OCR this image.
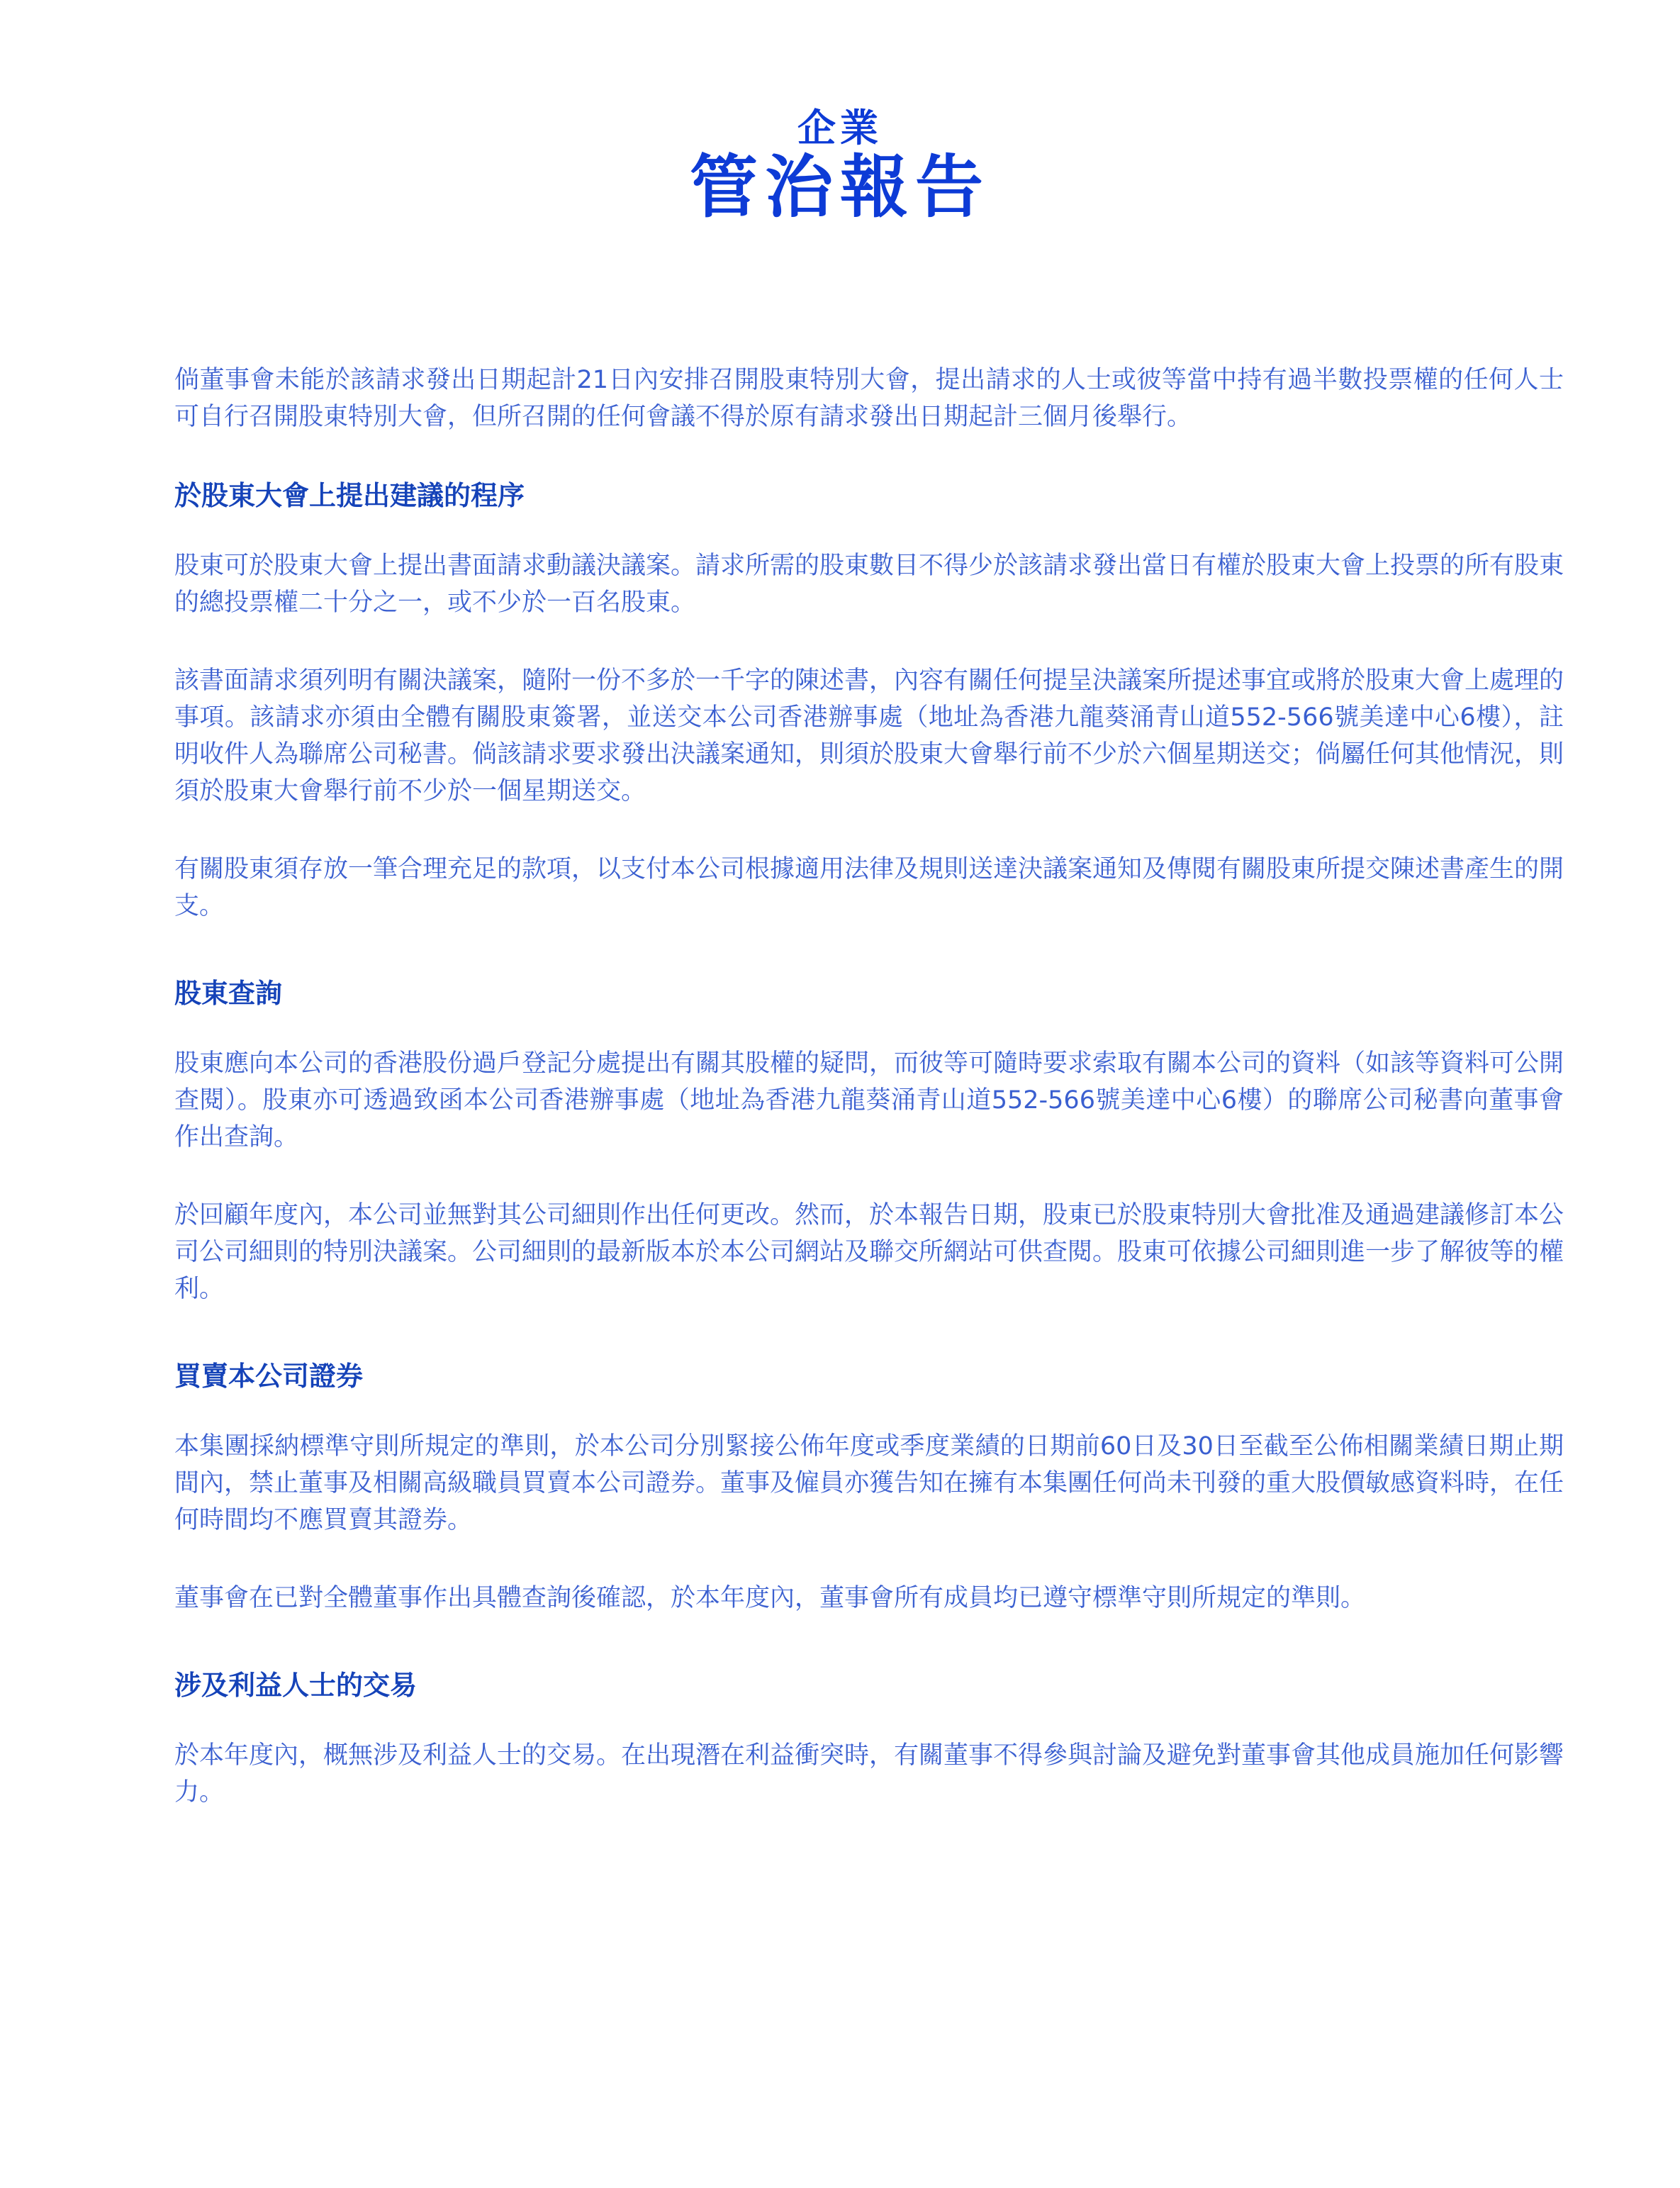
企業
管治報告

倘董事會未能於該請求發出日期起計21日內安排召開股東特別大會，提出請求的人士或彼等當中持有過半數投票權的任何人士可自行召開股東特別大會，但所召開的任何會議不得於原有請求發出日期起計三個月後舉行。

於股東大會上提出建議的程序

股東可於股東大會上提出書面請求動議決議案。請求所需的股東數目不得少於該請求發出當日有權於股東大會上投票的所有股東的總投票權二十分之一，或不少於一百名股東。

該書面請求須列明有關決議案，隨附一份不多於一千字的陳述書，內容有關任何提呈決議案所提述事宜或將於股東大會上處理的事項。該請求亦須由全體有關股東簽署，並送交本公司香港辦事處（地址為香港九龍葵涌青山道552-566號美達中心6樓），註明收件人為聯席公司秘書。倘該請求要求發出決議案通知，則須於股東大會舉行前不少於六個星期送交；倘屬任何其他情況，則須於股東大會舉行前不少於一個星期送交。

有關股東須存放一筆合理充足的款項，以支付本公司根據適用法律及規則送達決議案通知及傳閱有關股東所提交陳述書產生的開支。

股東查詢

股東應向本公司的香港股份過戶登記分處提出有關其股權的疑問，而彼等可隨時要求索取有關本公司的資料（如該等資料可公開查閱）。股東亦可透過致函本公司香港辦事處（地址為香港九龍葵涌青山道552-566號美達中心6樓）的聯席公司秘書向董事會作出查詢。

於回顧年度內，本公司並無對其公司細則作出任何更改。然而，於本報告日期，股東已於股東特別大會批准及通過建議修訂本公司公司細則的特別決議案。公司細則的最新版本於本公司網站及聯交所網站可供查閱。股東可依據公司細則進一步了解彼等的權利。

買賣本公司證券

本集團採納標準守則所規定的準則，於本公司分別緊接公佈年度或季度業績的日期前60日及30日至截至公佈相關業績日期止期間內，禁止董事及相關高級職員買賣本公司證券。董事及僱員亦獲告知在擁有本集團任何尚未刊發的重大股價敏感資料時，在任何時間均不應買賣其證券。

董事會在已對全體董事作出具體查詢後確認，於本年度內，董事會所有成員均已遵守標準守則所規定的準則。

涉及利益人士的交易

於本年度內，概無涉及利益人士的交易。在出現潛在利益衝突時，有關董事不得參與討論及避免對董事會其他成員施加任何影響力。
